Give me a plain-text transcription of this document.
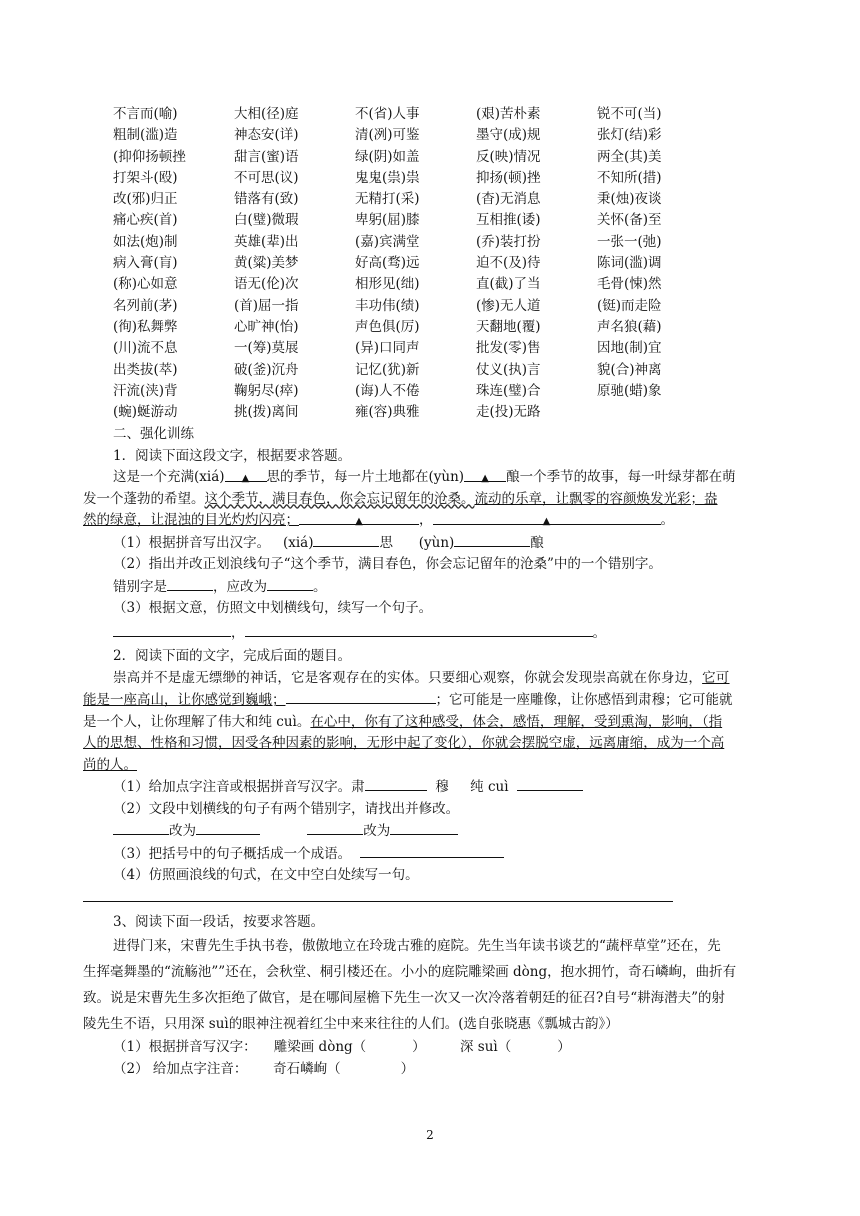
不言而(喻)	大相(径)庭	不(省)人事	(艰)苦朴素	锐不可(当)
粗制(滥)造	神态安(详)	清(冽)可鉴	墨守(成)规	张灯(结)彩
(抑仰扬顿挫	甜言(蜜)语	绿(阴)如盖	反(映)情况	两全(其)美
打架斗(殴)	不可思(议)	鬼鬼(祟)祟	抑扬(顿)挫	不知所(措)
改(邪)归正	错落有(致)	无精打(采)	(杳)无消息	秉(烛)夜谈
痛心疾(首)	白(璧)微瑕	卑躬(屈)膝	互相推(诿)	关怀(备)至
如法(炮)制	英雄(辈)出	(嘉)宾满堂	(乔)装打扮	一张一(弛)
病入膏(肓)	黄(粱)美梦	好高(骛)远	迫不(及)待	陈词(滥)调
(称)心如意	语无(伦)次	相形见(绌)	直(截)了当	毛骨(悚)然
名列前(茅)	(首)屈一指	丰功伟(绩)	(惨)无人道	(铤)而走险
(徇)私舞弊	心旷神(怡)	声色俱(厉)	天翻地(覆)	声名狼(藉)
(川)流不息	一(筹)莫展	(异)口同声	批发(零)售	因地(制)宜
出类拔(萃)	破(釜)沉舟	记忆(犹)新	仗义(执)言	貌(合)神离
汗流(浃)背	鞠躬尽(瘁)	(诲)人不倦	珠连(璧)合	原驰(蜡)象
(蜿)蜒游动	挑(拨)离间	雍(容)典雅	走(投)无路
二、强化训练
1．阅读下面这段文字，根据要求答题。
这是一个充满(xiá) ▲ 思的季节，每一片土地都在(yùn) ▲ 酿一个季节的故事，每一叶绿芽都在萌
发一个蓬勃的希望。这个季节，满目春色，你会忘记留年的沧桑。流动的乐章，让飘零的容颜焕发光彩；盎
然的绿意，让混浊的目光灼灼闪亮；	▲	，	▲	。
（1）根据拼音写出汉字。 (xiá)	思 (yùn)	酿
（2）指出并改正划浪线句子“这个季节，满目春色，你会忘记留年的沧桑”中的一个错别字。
错别字是	，应改为	。
（3）根据文意，仿照文中划横线句，续写一个句子。
，	。
2．阅读下面的文字，完成后面的题目。
崇高并不是虚无缥缈的神话，它是客观存在的实体。只要细心观察，你就会发现崇高就在你身边，它可
能是一座高山，让你感觉到巍峨；	；它可能是一座雕像，让你感悟到肃穆；它可能就
是一个人，让你理解了伟大和纯 cuì。在心中，你有了这种感受，体会，感悟，理解，受到熏淘，影响，（指
人的思想、性格和习惯，因受各种因素的影响，无形中起了变化），你就会摆脱空虚，远离庸缩，成为一个高
尚的人。
（1）给加点字注音或根据拼音写汉字。肃	穆 纯 cuì
（2）文段中划横线的句子有两个错别字，请找出并修改。
改为	改为
（3）把括号中的句子概括成一个成语。
（4）仿照画浪线的句式，在文中空白处续写一句。
3、阅读下面一段话，按要求答题。
进得门来，宋曹先生手执书卷，傲傲地立在玲珑古雅的庭院。先生当年读书谈艺的“蔬枰草堂”还在，先
生挥毫舞墨的“流觞池””还在，会秋堂、桐引楼还在。小小的庭院雕梁画 dòng，抱水拥竹，奇石嶙峋，曲折有
致。说是宋曹先生多次拒绝了做官，是在哪间屋檐下先生一次又一次冷落着朝廷的征召?自号“耕海潜夫”的射
陵先生不语，只用深 suì的眼神注视着红尘中来来往往的人们。(选自张晓惠《瓢城古韵》）
（1）根据拼音写汉字： 雕梁画 dòng（	）	深 suì（	）
（2） 给加点字注音： 奇石嶙峋（	）
2
